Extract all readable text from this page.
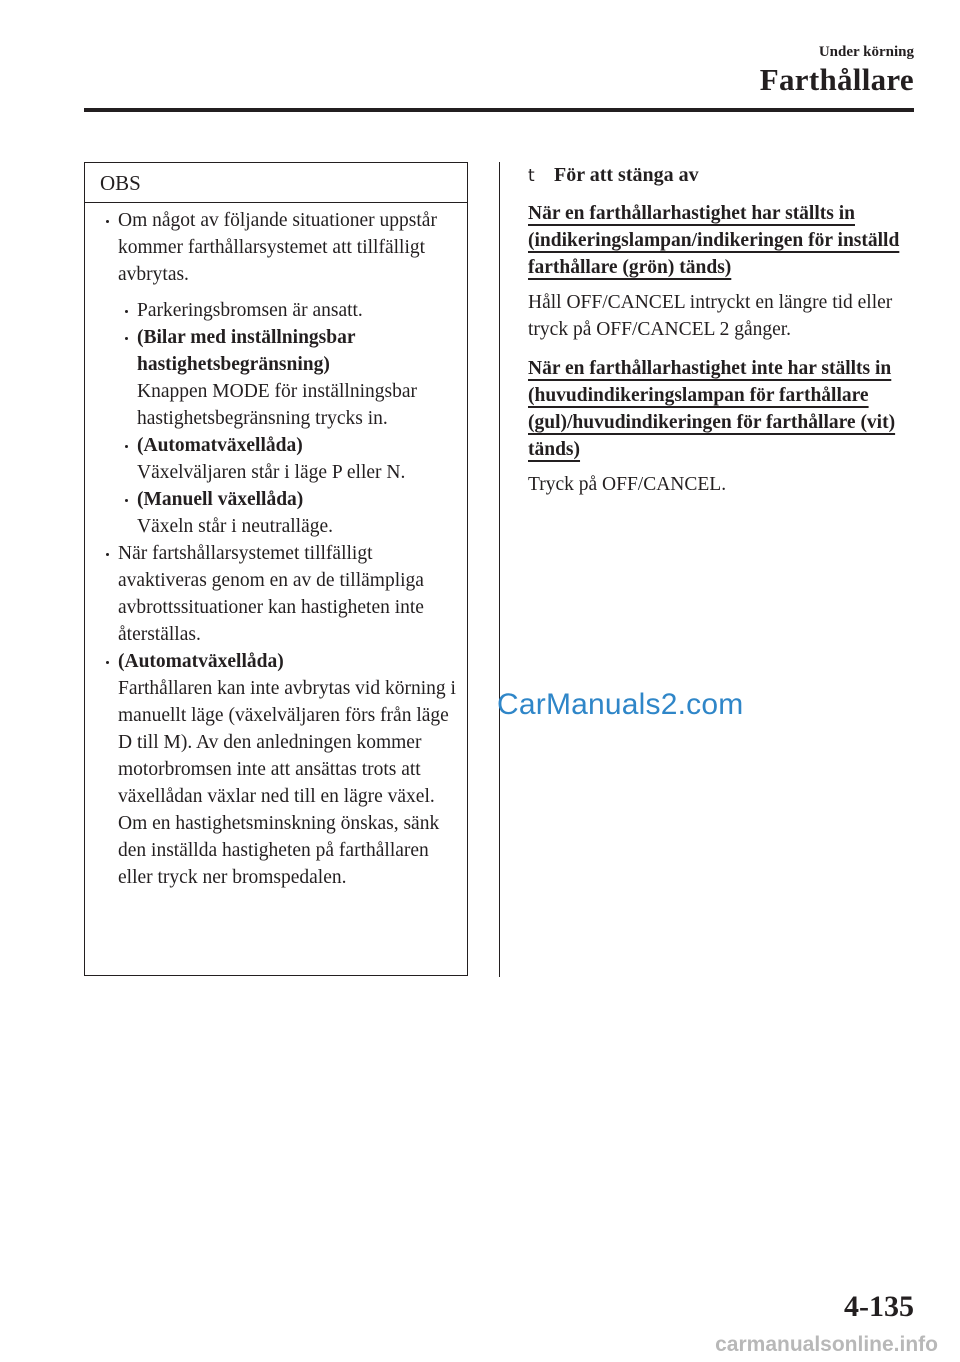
Under körning
Farthållare
OBS
Om något av följande situationer uppstår kommer farthållarsystemet att tillfälligt avbrytas.
Parkeringsbromsen är ansatt.
(Bilar med inställningsbar hastighetsbegränsning)
Knappen MODE för inställningsbar hastighetsbegränsning trycks in.
(Automatväxellåda)
Växelväljaren står i läge P eller N.
(Manuell växellåda)
Växeln står i neutralläge.
När fartshållarsystemet tillfälligt avaktiveras genom en av de tillämpliga avbrottssituationer kan hastigheten inte återställas.
(Automatväxellåda)
Farthållaren kan inte avbrytas vid körning i manuellt läge (växelväljaren förs från läge D till M). Av den anledningen kommer motorbromsen inte att ansättas trots att växellådan växlar ned till en lägre växel. Om en hastighetsminskning önskas, sänk den inställda hastigheten på farthållaren eller tryck ner bromspedalen.
t För att stänga av
När en farthållarhastighet har ställts in (indikeringslampan/indikeringen för inställd farthållare (grön) tänds)
Håll OFF/CANCEL intryckt en längre tid eller tryck på OFF/CANCEL 2 gånger.
När en farthållarhastighet inte har ställts in (huvudindikeringslampan för farthållare (gul)/huvudindikeringen för farthållare (vit) tänds)
Tryck på OFF/CANCEL.
CarManuals2.com
4-135
carmanualsonline.info
